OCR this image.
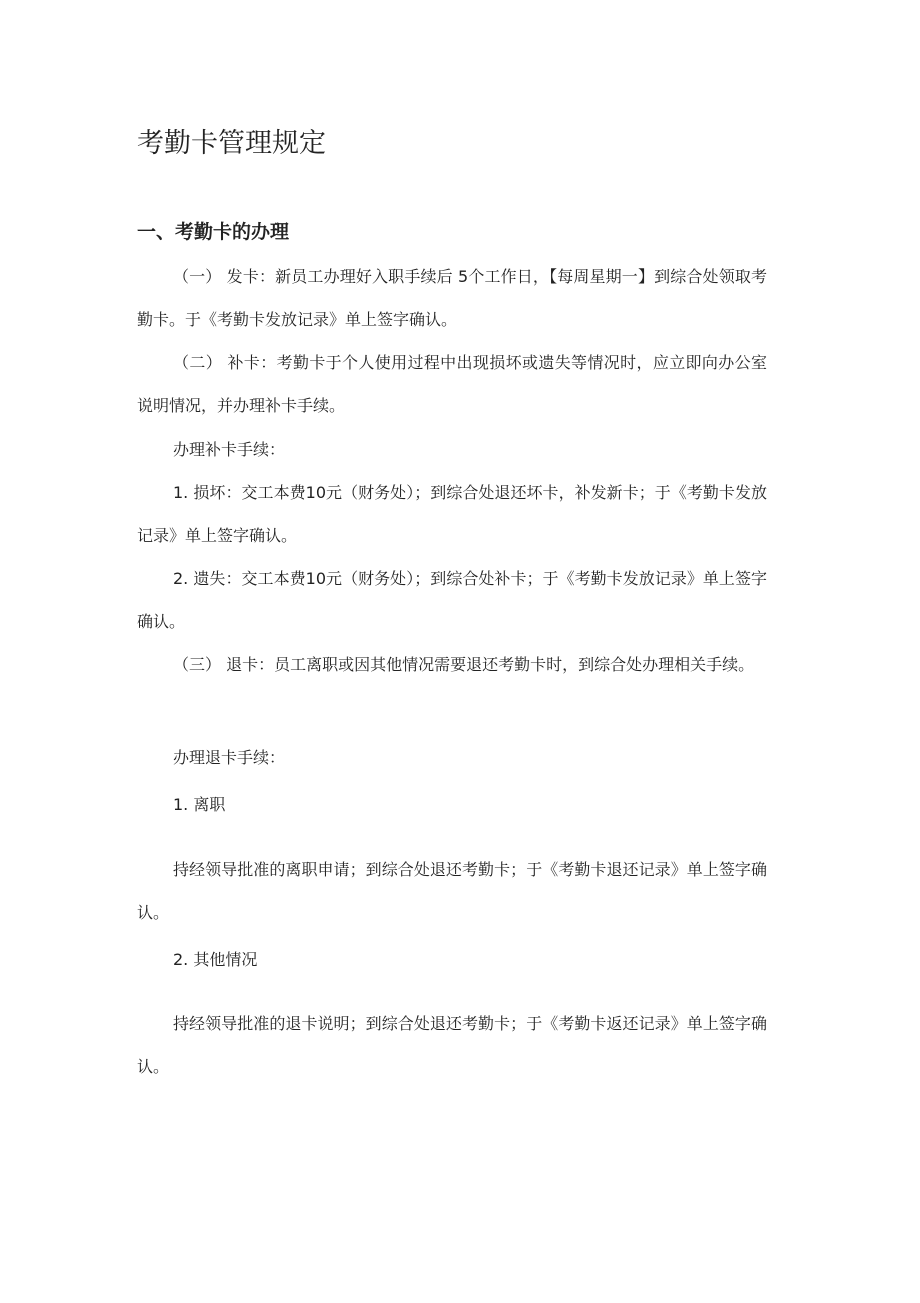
考勤卡管理规定
一、考勤卡的办理

（一） 发卡：新员工办理好入职手续后 5个工作日，【每周星期一】到综合处领取考勤卡。于《考勤卡发放记录》单上签字确认。

（二） 补卡：考勤卡于个人使用过程中出现损坏或遗失等情况时，应立即向办公室说明情况，并办理补卡手续。

办理补卡手续：

1. 损坏：交工本费10元（财务处）；到综合处退还坏卡，补发新卡；于《考勤卡发放记录》单上签字确认。

2. 遗失：交工本费10元（财务处）；到综合处补卡；于《考勤卡发放记录》单上签字确认。

（三） 退卡：员工离职或因其他情况需要退还考勤卡时，到综合处办理相关手续。

办理退卡手续：

1. 离职

持经领导批准的离职申请；到综合处退还考勤卡；于《考勤卡退还记录》单上签字确认。

2. 其他情况

持经领导批准的退卡说明；到综合处退还考勤卡；于《考勤卡返还记录》单上签字确认。
